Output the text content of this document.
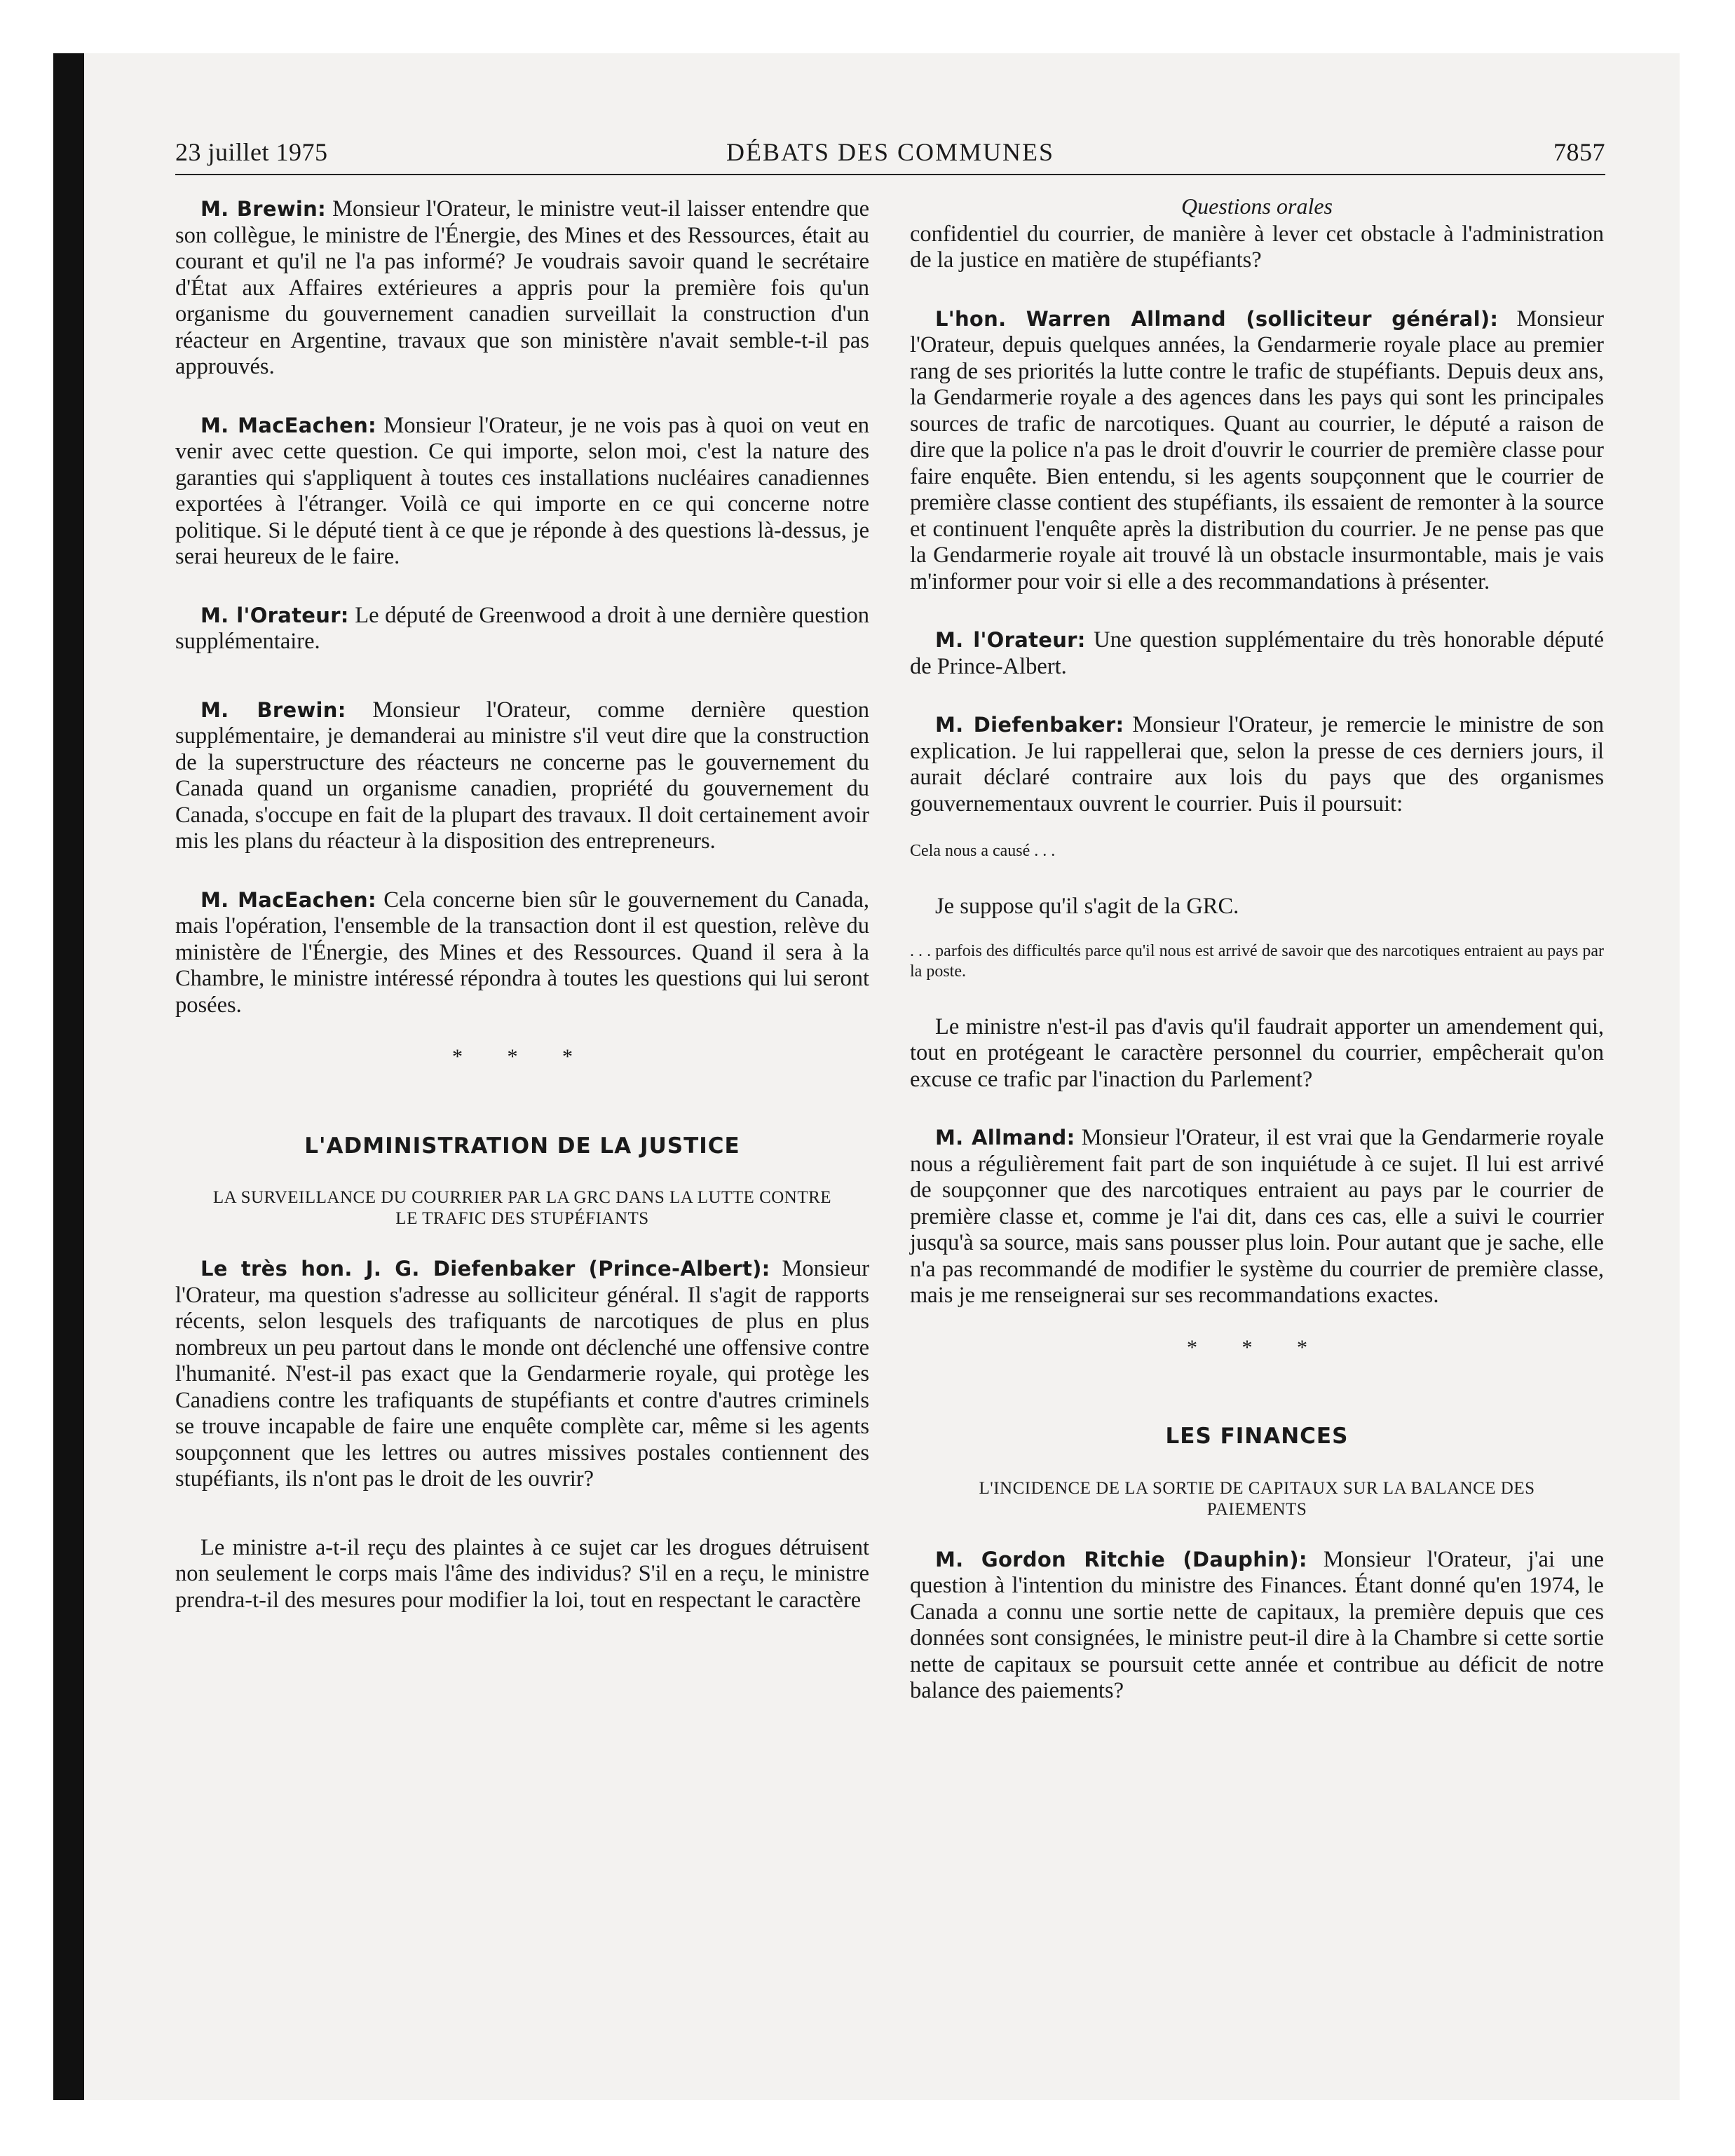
23 juillet 1975	DÉBATS DES COMMUNES	7857

M. Brewin: Monsieur l'Orateur, le ministre veut-il laisser entendre que son collègue, le ministre de l'Énergie, des Mines et des Ressources, était au courant et qu'il ne l'a pas informé? Je voudrais savoir quand le secrétaire d'État aux Affaires extérieures a appris pour la première fois qu'un organisme du gouvernement canadien surveillait la construction d'un réacteur en Argentine, travaux que son ministère n'avait semble-t-il pas approuvés.

M. MacEachen: Monsieur l'Orateur, je ne vois pas à quoi on veut en venir avec cette question. Ce qui importe, selon moi, c'est la nature des garanties qui s'appliquent à toutes ces installations nucléaires canadiennes exportées à l'étranger. Voilà ce qui importe en ce qui concerne notre politique. Si le député tient à ce que je réponde à des questions là-dessus, je serai heureux de le faire.

M. l'Orateur: Le député de Greenwood a droit à une dernière question supplémentaire.

M. Brewin: Monsieur l'Orateur, comme dernière question supplémentaire, je demanderai au ministre s'il veut dire que la construction de la superstructure des réacteurs ne concerne pas le gouvernement du Canada quand un organisme canadien, propriété du gouvernement du Canada, s'occupe en fait de la plupart des travaux. Il doit certainement avoir mis les plans du réacteur à la disposition des entrepreneurs.

M. MacEachen: Cela concerne bien sûr le gouvernement du Canada, mais l'opération, l'ensemble de la transaction dont il est question, relève du ministère de l'Énergie, des Mines et des Ressources. Quand il sera à la Chambre, le ministre intéressé répondra à toutes les questions qui lui seront posées.

* * *
L'ADMINISTRATION DE LA JUSTICE
LA SURVEILLANCE DU COURRIER PAR LA GRC DANS LA LUTTE CONTRE LE TRAFIC DES STUPÉFIANTS

Le très hon. J. G. Diefenbaker (Prince-Albert): Monsieur l'Orateur, ma question s'adresse au solliciteur général. Il s'agit de rapports récents, selon lesquels des trafiquants de narcotiques de plus en plus nombreux un peu partout dans le monde ont déclenché une offensive contre l'humanité. N'est-il pas exact que la Gendarmerie royale, qui protège les Canadiens contre les trafiquants de stupéfiants et contre d'autres criminels se trouve incapable de faire une enquête complète car, même si les agents soupçonnent que les lettres ou autres missives postales contiennent des stupéfiants, ils n'ont pas le droit de les ouvrir?

Le ministre a-t-il reçu des plaintes à ce sujet car les drogues détruisent non seulement le corps mais l'âme des individus? S'il en a reçu, le ministre prendra-t-il des mesures pour modifier la loi, tout en respectant le caractère

Questions orales

confidentiel du courrier, de manière à lever cet obstacle à l'administration de la justice en matière de stupéfiants?

L'hon. Warren Allmand (solliciteur général): Monsieur l'Orateur, depuis quelques années, la Gendarmerie royale place au premier rang de ses priorités la lutte contre le trafic de stupéfiants. Depuis deux ans, la Gendarmerie royale a des agences dans les pays qui sont les principales sources de trafic de narcotiques. Quant au courrier, le député a raison de dire que la police n'a pas le droit d'ouvrir le courrier de première classe pour faire enquête. Bien entendu, si les agents soupçonnent que le courrier de première classe contient des stupéfiants, ils essaient de remonter à la source et continuent l'enquête après la distribution du courrier. Je ne pense pas que la Gendarmerie royale ait trouvé là un obstacle insurmontable, mais je vais m'informer pour voir si elle a des recommandations à présenter.

M. l'Orateur: Une question supplémentaire du très honorable député de Prince-Albert.

M. Diefenbaker: Monsieur l'Orateur, je remercie le ministre de son explication. Je lui rappellerai que, selon la presse de ces derniers jours, il aurait déclaré contraire aux lois du pays que des organismes gouvernementaux ouvrent le courrier. Puis il poursuit:

Cela nous a causé . . .

Je suppose qu'il s'agit de la GRC.

. . . parfois des difficultés parce qu'il nous est arrivé de savoir que des narcotiques entraient au pays par la poste.

Le ministre n'est-il pas d'avis qu'il faudrait apporter un amendement qui, tout en protégeant le caractère personnel du courrier, empêcherait qu'on excuse ce trafic par l'inaction du Parlement?

M. Allmand: Monsieur l'Orateur, il est vrai que la Gendarmerie royale nous a régulièrement fait part de son inquiétude à ce sujet. Il lui est arrivé de soupçonner que des narcotiques entraient au pays par le courrier de première classe et, comme je l'ai dit, dans ces cas, elle a suivi le courrier jusqu'à sa source, mais sans pousser plus loin. Pour autant que je sache, elle n'a pas recommandé de modifier le système du courrier de première classe, mais je me renseignerai sur ses recommandations exactes.

* * *
LES FINANCES
L'INCIDENCE DE LA SORTIE DE CAPITAUX SUR LA BALANCE DES PAIEMENTS

M. Gordon Ritchie (Dauphin): Monsieur l'Orateur, j'ai une question à l'intention du ministre des Finances. Étant donné qu'en 1974, le Canada a connu une sortie nette de capitaux, la première depuis que ces données sont consignées, le ministre peut-il dire à la Chambre si cette sortie nette de capitaux se poursuit cette année et contribue au déficit de notre balance des paiements?
